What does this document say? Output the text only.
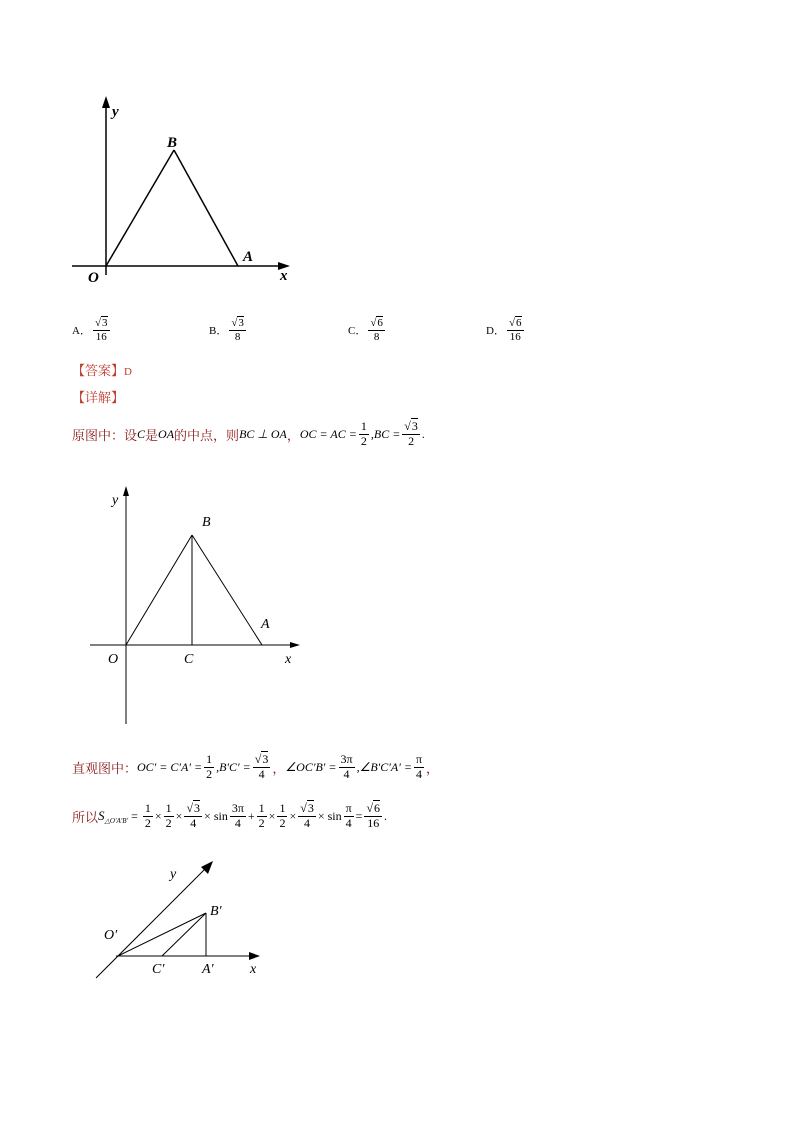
y
B
A
O	x
A． $\frac{√3}{16}$	B． $\frac{√3}{8}$	C． $\frac{√6}{8}$	D． $\frac{√6}{16}$
【答案】D
【详解】
原图中：设 C 是 OA 的中点，则 BC ⊥ OA ， OC = AC = $\frac{1}{2} ,BC = \frac{√3}{2}$ .
y
B
A
O	C	x
直观图中： $OC' = C'A' = \frac{1}{2} ,B'C' = \frac{√3}{4}$ ， ∠OC′B′ = $\frac{3\pi}{4}$ ,∠B′C′A′ = $\frac{\pi}{4}$ ，
所以 S △O′A′B′ = $\frac{1}{2} \times \frac{1}{2} \times \frac{√3}{4} \times \sin \frac{3\pi}{4} + \frac{1}{2} \times \frac{1}{2} \times \frac{√3}{4} \times \sin \frac{\pi}{4} = \frac{√6}{16}$ .
y
B′
O′
C′	A′	x
